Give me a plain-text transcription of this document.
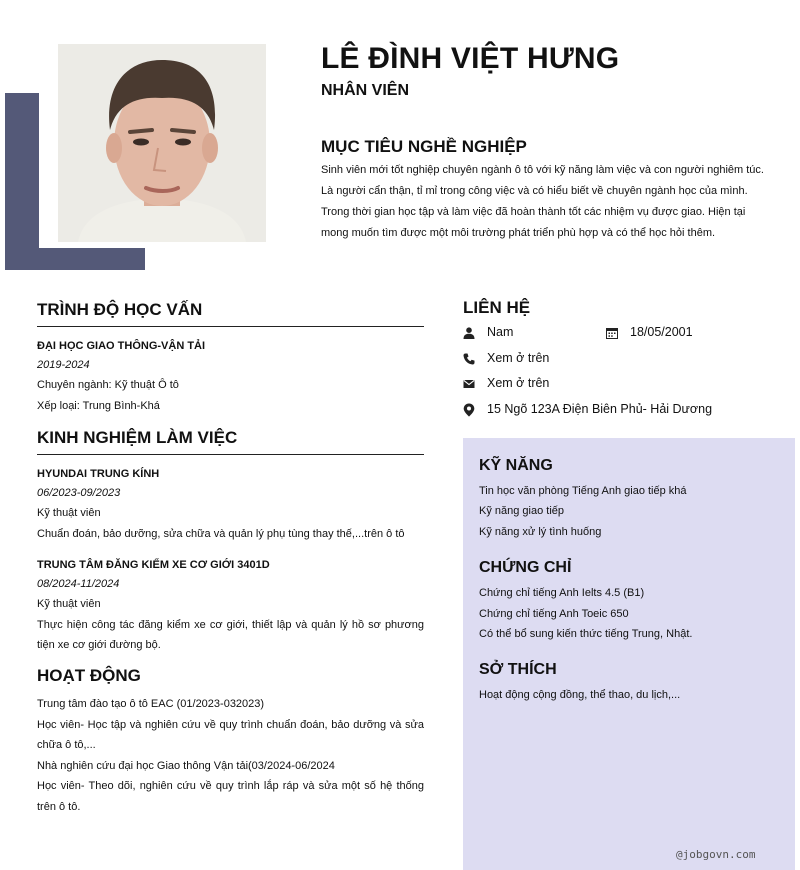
LÊ ĐÌNH VIỆT HƯNG
NHÂN VIÊN
MỤC TIÊU NGHỀ NGHIỆP
Sinh viên mới tốt nghiệp chuyên ngành ô tô với kỹ năng làm việc và con người nghiêm túc. Là người cẩn thận, tỉ mỉ trong công việc và có hiểu biết về chuyên ngành học của mình. Trong thời gian học tập và làm việc đã hoàn thành tốt các nhiệm vụ được giao. Hiện tại mong muốn tìm được một môi trường phát triển phù hợp và có thể học hỏi thêm.
TRÌNH ĐỘ HỌC VẤN
ĐẠI HỌC GIAO THÔNG-VẬN TẢI
2019-2024
Chuyên ngành: Kỹ thuật Ô tô
Xếp loại: Trung Bình-Khá
KINH NGHIỆM LÀM VIỆC
HYUNDAI TRUNG KÍNH
06/2023-09/2023
Kỹ thuật viên
Chuẩn đoán, bảo dưỡng, sửa chữa và quản lý phụ tùng thay thế,...trên ô tô
TRUNG TÂM ĐĂNG KIỂM XE CƠ GIỚI 3401D
08/2024-11/2024
Kỹ thuật viên
Thực hiện công tác đăng kiểm xe cơ giới, thiết lập và quản lý hồ sơ phương tiện xe cơ giới đường bộ.
HOẠT ĐỘNG
Trung tâm đào tạo ô tô EAC (01/2023-032023)
Học viên- Học tập và nghiên cứu về quy trình chuẩn đoán, bảo dưỡng và sửa chữa ô tô,...
Nhà nghiên cứu đại học Giao thông Vận tải(03/2024-06/2024
Học viên- Theo dõi, nghiên cứu về quy trình lắp ráp và sửa một số hệ thống trên ô tô.
LIÊN HỆ
Nam	18/05/2001
Xem ở trên
Xem ở trên
15 Ngõ 123A Điện Biên Phủ- Hải Dương
KỸ NĂNG
Tin học văn phòng Tiếng Anh giao tiếp khá
Kỹ năng giao tiếp
Kỹ năng xử lý tình huống
CHỨNG CHỈ
Chứng chỉ tiếng Anh Ielts 4.5 (B1)
Chứng chỉ tiếng Anh Toeic 650
Có thể bổ sung kiến thức tiếng Trung, Nhật.
SỞ THÍCH
Hoạt động cộng đồng, thể thao, du lịch,...
@jobgovn.com
